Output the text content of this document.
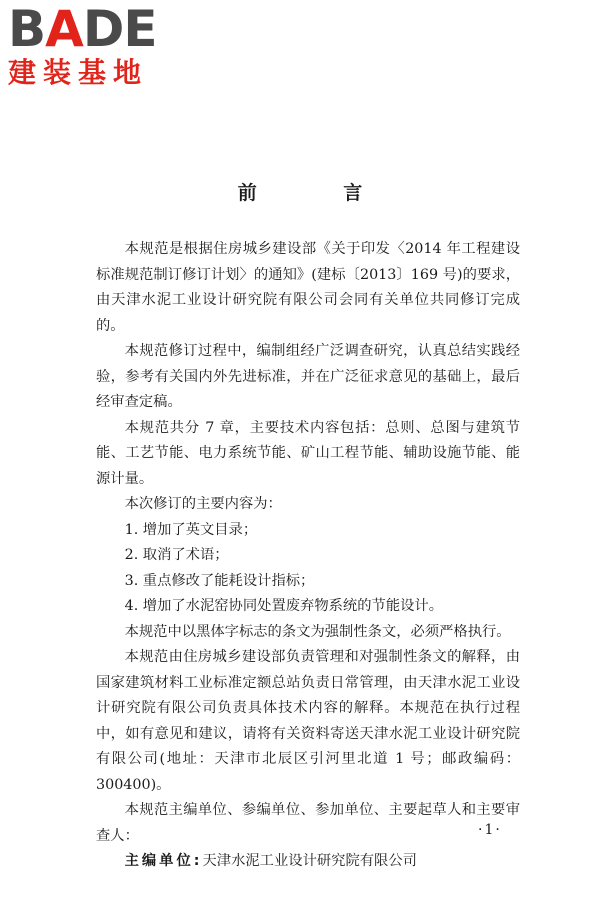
BADE
建装基地
前 言

本规范是根据住房城乡建设部《关于印发〈2014 年工程建设标准规范制订修订计划〉的通知》(建标〔2013〕169 号)的要求，由天津水泥工业设计研究院有限公司会同有关单位共同修订完成的。

本规范修订过程中，编制组经广泛调查研究，认真总结实践经验，参考有关国内外先进标准，并在广泛征求意见的基础上，最后经审查定稿。

本规范共分 7 章，主要技术内容包括：总则、总图与建筑节能、工艺节能、电力系统节能、矿山工程节能、辅助设施节能、能源计量。

本次修订的主要内容为：

1. 增加了英文目录；

2. 取消了术语；

3. 重点修改了能耗设计指标；

4. 增加了水泥窑协同处置废弃物系统的节能设计。

本规范中以黑体字标志的条文为强制性条文，必须严格执行。

本规范由住房城乡建设部负责管理和对强制性条文的解释，由国家建筑材料工业标准定额总站负责日常管理，由天津水泥工业设计研究院有限公司负责具体技术内容的解释。本规范在执行过程中，如有意见和建议，请将有关资料寄送天津水泥工业设计研究院有限公司(地址：天津市北辰区引河里北道 1 号；邮政编码：300400)。

本规范主编单位、参编单位、参加单位、主要起草人和主要审查人：

主编单位:天津水泥工业设计研究院有限公司

·1·
